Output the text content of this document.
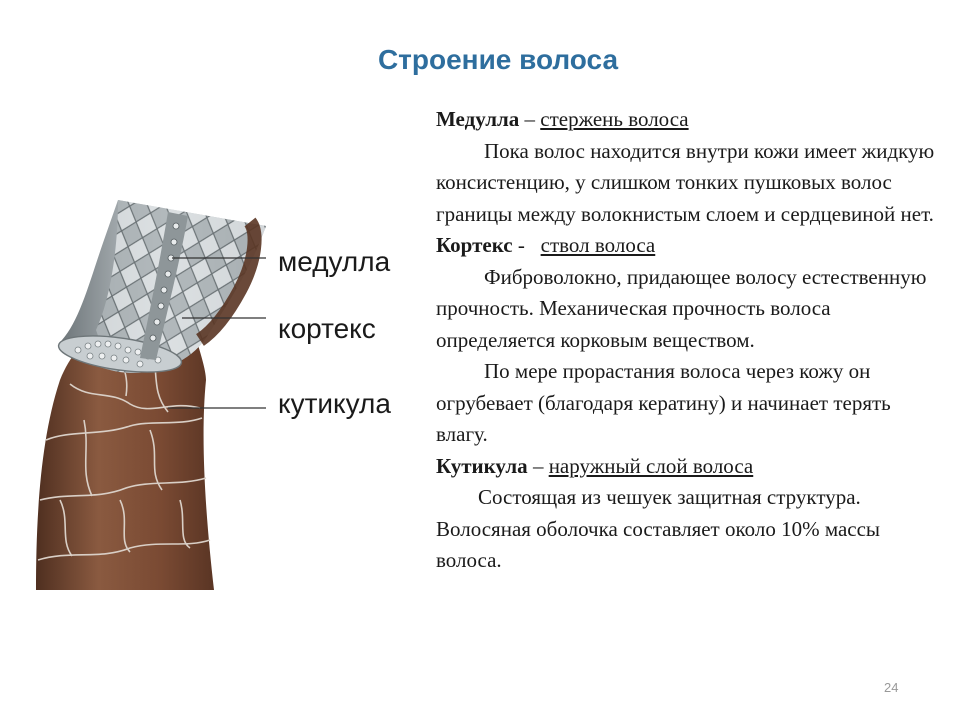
Строение волоса
медулла
кортекс
кутикула

Медулла – стержень волоса

Пока волос находится внутри кожи имеет жидкую консистенцию, у слишком тонких пушковых волос границы между волокнистым слоем и сердцевиной нет.

Кортекс -   ствол волоса

Фиброволокно, придающее волосу естественную прочность. Механическая прочность волоса определяется корковым веществом.

По мере прорастания волоса через кожу он огрубевает (благодаря кератину) и начинает терять влагу.

Кутикула – наружный слой волоса

Состоящая из чешуек защитная структура. Волосяная оболочка составляет около 10% массы волоса.

24
